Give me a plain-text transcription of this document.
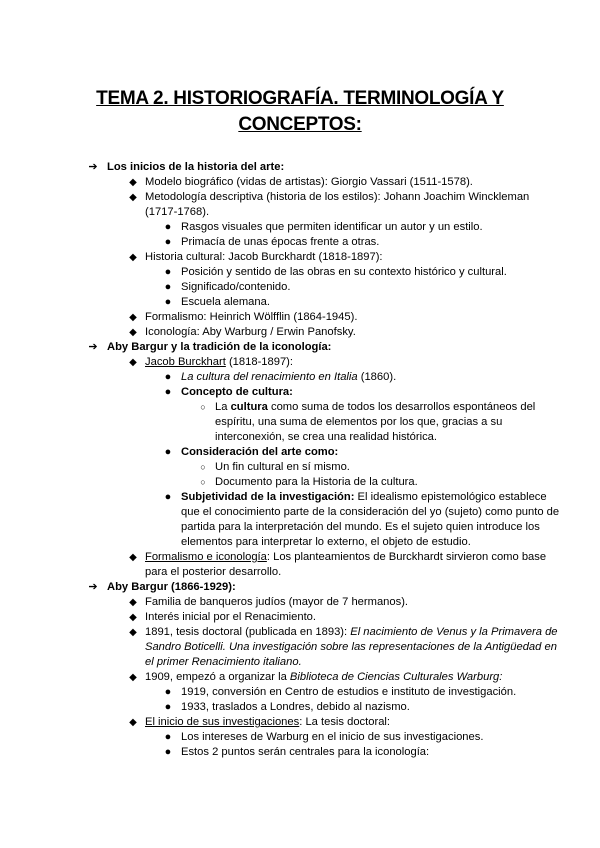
TEMA 2. HISTORIOGRAFÍA. TERMINOLOGÍA Y
CONCEPTOS:
➔ Los inicios de la historia del arte:
◆ Modelo biográfico (vidas de artistas): Giorgio Vassari (1511-1578).
◆ Metodología descriptiva (historia de los estilos): Johann Joachim Winckleman (1717-1768).
● Rasgos visuales que permiten identificar un autor y un estilo.
● Primacía de unas épocas frente a otras.
◆ Historia cultural: Jacob Burckhardt (1818-1897):
● Posición y sentido de las obras en su contexto histórico y cultural.
● Significado/contenido.
● Escuela alemana.
◆ Formalismo: Heinrich Wölfflin (1864-1945).
◆ Iconología: Aby Warburg / Erwin Panofsky.
➔ Aby Bargur y la tradición de la iconología:
◆ Jacob Burckhart (1818-1897):
● La cultura del renacimiento en Italia (1860).
● Concepto de cultura:
○ La cultura como suma de todos los desarrollos espontáneos del espíritu, una suma de elementos por los que, gracias a su interconexión, se crea una realidad histórica.
● Consideración del arte como:
○ Un fin cultural en sí mismo.
○ Documento para la Historia de la cultura.
● Subjetividad de la investigación: El idealismo epistemológico establece que el conocimiento parte de la consideración del yo (sujeto) como punto de partida para la interpretación del mundo. Es el sujeto quien introduce los elementos para interpretar lo externo, el objeto de estudio.
◆ Formalismo e iconología: Los planteamientos de Burckhardt sirvieron como base para el posterior desarrollo.
➔ Aby Bargur (1866-1929):
◆ Familia de banqueros judíos (mayor de 7 hermanos).
◆ Interés inicial por el Renacimiento.
◆ 1891, tesis doctoral (publicada en 1893): El nacimiento de Venus y la Primavera de Sandro Boticelli. Una investigación sobre las representaciones de la Antigüedad en el primer Renacimiento italiano.
◆ 1909, empezó a organizar la Biblioteca de Ciencias Culturales Warburg:
● 1919, conversión en Centro de estudios e instituto de investigación.
● 1933, traslados a Londres, debido al nazismo.
◆ El inicio de sus investigaciones: La tesis doctoral:
● Los intereses de Warburg en el inicio de sus investigaciones.
● Estos 2 puntos serán centrales para la iconología:
